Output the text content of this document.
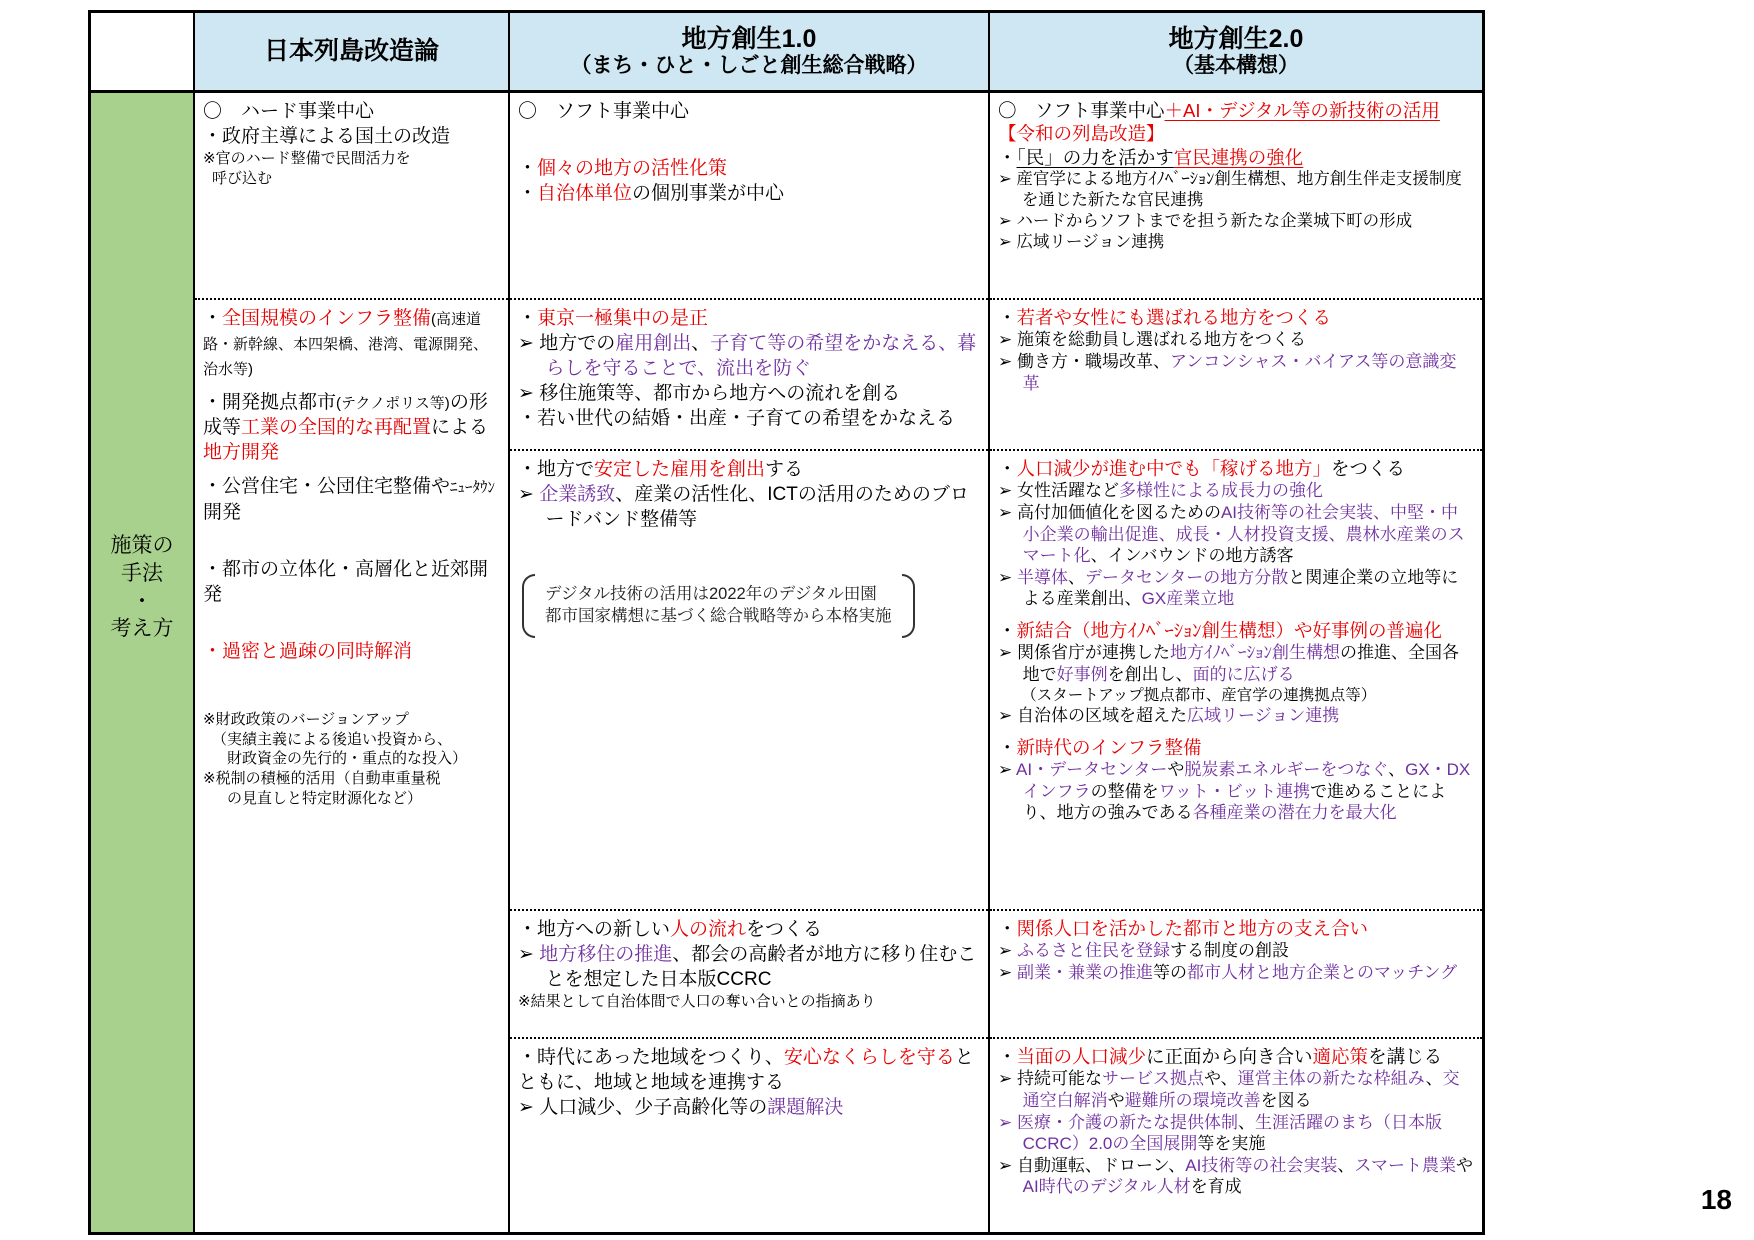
日本列島改造論	地方創生1.0
（まち・ひと・しごと創生総合戦略）
地方創生2.0
（基本構想）
施策の
手法
・
考え方
〇　ハード事業中心
・政府主導による国土の改造
※官のハード整備で民間活力を
呼び込む
・全国規模のインフラ整備(高速道路・新幹線、本四架橋、港湾、電源開発、治水等)
・開発拠点都市(テクノポリス等)の形成等工業の全国的な再配置による地方開発
・公営住宅・公団住宅整備やﾆｭｰﾀｳﾝ開発
・都市の立体化・高層化と近郊開発
・過密と過疎の同時解消
※財政政策のバージョンアップ
（実績主義による後追い投資から、
財政資金の先行的・重点的な投入）
※税制の積極的活用（自動車重量税
の見直しと特定財源化など）
〇　ソフト事業中心
・個々の地方の活性化策
・自治体単位の個別事業が中心
・東京一極集中の是正
➢ 地方での雇用創出、子育て等の希望をかなえる、暮らしを守ることで、流出を防ぐ
➢ 移住施策等、都市から地方への流れを創る
・若い世代の結婚・出産・子育ての希望をかなえる
・地方で安定した雇用を創出する
➢ 企業誘致、産業の活性化、ICTの活用のためのブロードバンド整備等
デジタル技術の活用は2022年のデジタル田園
都市国家構想に基づく総合戦略等から本格実施
・地方への新しい人の流れをつくる
➢ 地方移住の推進、都会の高齢者が地方に移り住むことを想定した日本版CCRC
※結果として自治体間で人口の奪い合いとの指摘あり
・時代にあった地域をつくり、安心なくらしを守るとともに、地域と地域を連携する
➢ 人口減少、少子高齢化等の課題解決
〇　ソフト事業中心＋AI・デジタル等の新技術の活用
【令和の列島改造】
・「民」の力を活かす官民連携の強化
➢ 産官学による地方ｲﾉﾍﾞｰｼｮﾝ創生構想、地方創生伴走支援制度を通じた新たな官民連携
➢ ハードからソフトまでを担う新たな企業城下町の形成
➢ 広域リージョン連携
・若者や女性にも選ばれる地方をつくる
➢ 施策を総動員し選ばれる地方をつくる
➢ 働き方・職場改革、アンコンシャス・バイアス等の意識変革
・人口減少が進む中でも「稼げる地方」をつくる
➢ 女性活躍など多様性による成長力の強化
➢ 高付加価値化を図るためのAI技術等の社会実装、中堅・中小企業の輸出促進、成長・人材投資支援、農林水産業のスマート化、インバウンドの地方誘客
➢ 半導体、データセンターの地方分散と関連企業の立地等による産業創出、GX産業立地
・新結合（地方ｲﾉﾍﾞｰｼｮﾝ創生構想）や好事例の普遍化
➢ 関係省庁が連携した地方ｲﾉﾍﾞｰｼｮﾝ創生構想の推進、全国各地で好事例を創出し、面的に広げる
（スタートアップ拠点都市、産官学の連携拠点等）
➢ 自治体の区域を超えた広域リージョン連携
・新時代のインフラ整備
➢ AI・データセンターや脱炭素エネルギーをつなぐ、GX・DXインフラの整備をワット・ビット連携で進めることにより、地方の強みである各種産業の潜在力を最大化
・関係人口を活かした都市と地方の支え合い
➢ ふるさと住民を登録する制度の創設
➢ 副業・兼業の推進等の都市人材と地方企業とのマッチング
・当面の人口減少に正面から向き合い適応策を講じる
➢ 持続可能なサービス拠点や、運営主体の新たな枠組み、交通空白解消や避難所の環境改善を図る
➢ 医療・介護の新たな提供体制、生涯活躍のまち（日本版CCRC）2.0の全国展開等を実施
➢ 自動運転、ドローン、AI技術等の社会実装、スマート農業やAI時代のデジタル人材を育成	18
